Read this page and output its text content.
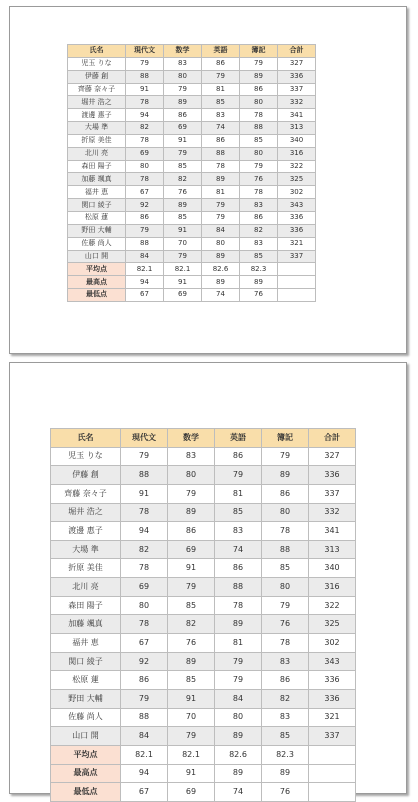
氏名	現代文	数学	英語	簿記	合計
児玉 りな	79	83	86	79	327
伊藤 創	88	80	79	89	336
齊藤 奈々子	91	79	81	86	337
堀井 浩之	78	89	85	80	332
渡邊 惠子	94	86	83	78	341
大場 準	82	69	74	88	313
折原 美佳	78	91	86	85	340
北川 亮	69	79	88	80	316
森田 陽子	80	85	78	79	322
加藤 颯真	78	82	89	76	325
福井 恵	67	76	81	78	302
関口 綾子	92	89	79	83	343
松原 蓮	86	85	79	86	336
野田 大輔	79	91	84	82	336
佐藤 尚人	88	70	80	83	321
山口 開	84	79	89	85	337
平均点	82.1	82.1	82.6	82.3	
最高点	94	91	89	89	
最低点	67	69	74	76	
氏名	現代文	数学	英語	簿記	合計
児玉 りな	79	83	86	79	327
伊藤 創	88	80	79	89	336
齊藤 奈々子	91	79	81	86	337
堀井 浩之	78	89	85	80	332
渡邊 惠子	94	86	83	78	341
大場 準	82	69	74	88	313
折原 美佳	78	91	86	85	340
北川 亮	69	79	88	80	316
森田 陽子	80	85	78	79	322
加藤 颯真	78	82	89	76	325
福井 恵	67	76	81	78	302
関口 綾子	92	89	79	83	343
松原 蓮	86	85	79	86	336
野田 大輔	79	91	84	82	336
佐藤 尚人	88	70	80	83	321
山口 開	84	79	89	85	337
平均点	82.1	82.1	82.6	82.3	
最高点	94	91	89	89	
最低点	67	69	74	76	
